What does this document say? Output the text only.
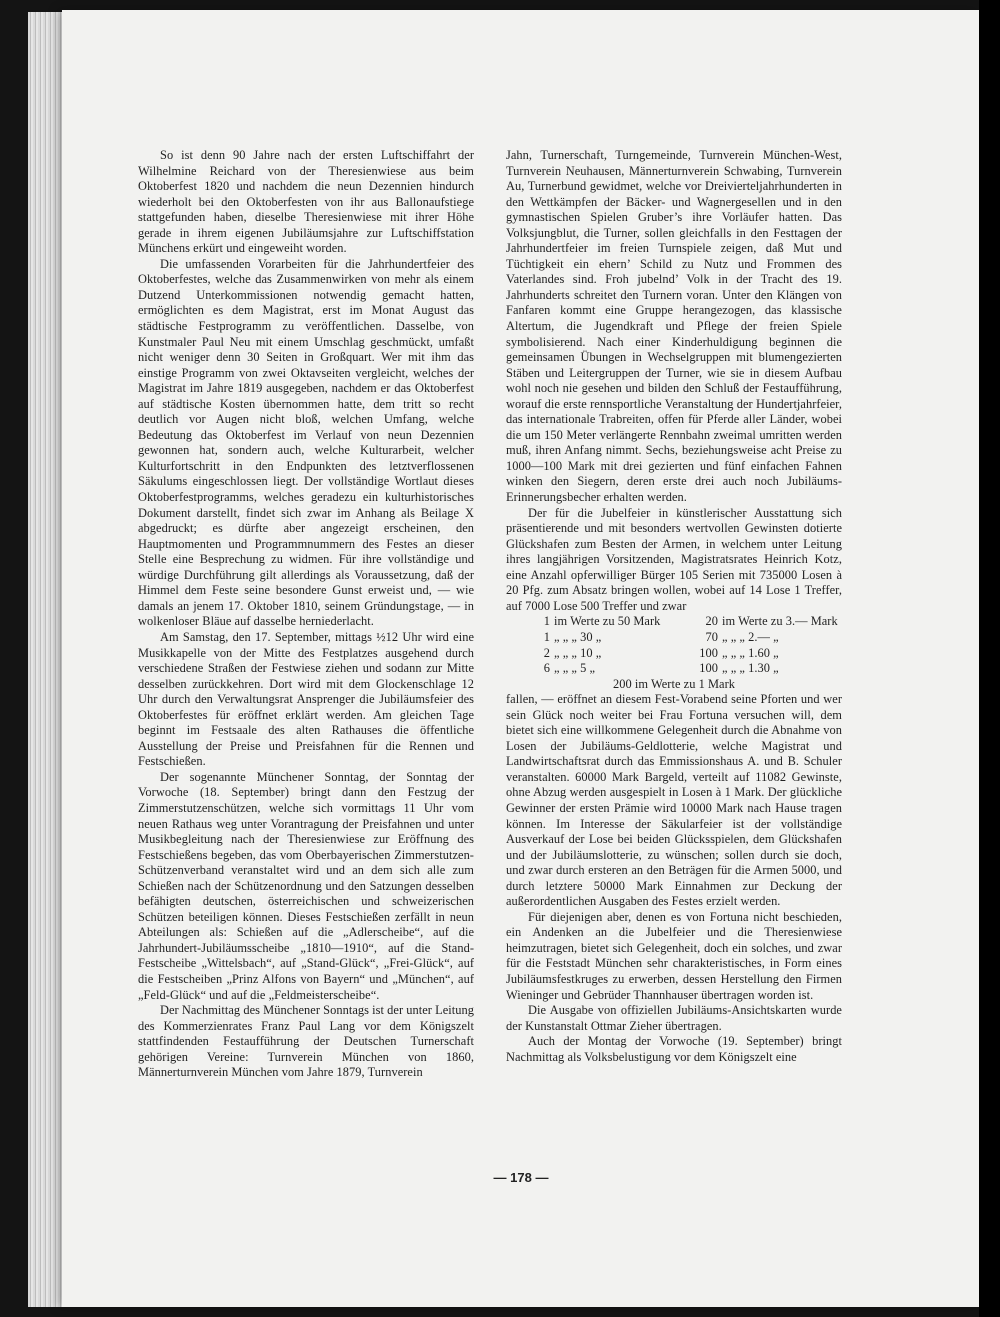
So ist denn 90 Jahre nach der ersten Luftschiffahrt der Wilhelmine Reichard von der Theresienwiese aus beim Oktoberfest 1820 und nachdem die neun Dezennien hindurch wiederholt bei den Oktoberfesten von ihr aus Ballonaufstiege stattgefunden haben, dieselbe Theresienwiese mit ihrer Höhe gerade in ihrem eigenen Jubiläumsjahre zur Luftschiffstation Münchens erkürt und eingeweiht worden.

Die umfassenden Vorarbeiten für die Jahrhundertfeier des Oktoberfestes, welche das Zusammenwirken von mehr als einem Dutzend Unterkommissionen notwendig gemacht hatten, ermöglichten es dem Magistrat, erst im Monat August das städtische Festprogramm zu veröffentlichen. Dasselbe, von Kunstmaler Paul Neu mit einem Umschlag geschmückt, umfaßt nicht weniger denn 30 Seiten in Großquart. Wer mit ihm das einstige Programm von zwei Oktavseiten vergleicht, welches der Magistrat im Jahre 1819 ausgegeben, nachdem er das Oktoberfest auf städtische Kosten übernommen hatte, dem tritt so recht deutlich vor Augen nicht bloß, welchen Umfang, welche Bedeutung das Oktoberfest im Verlauf von neun Dezennien gewonnen hat, sondern auch, welche Kulturarbeit, welcher Kulturfortschritt in den Endpunkten des letztverflossenen Säkulums eingeschlossen liegt. Der vollständige Wortlaut dieses Oktoberfestprogramms, welches geradezu ein kulturhistorisches Dokument darstellt, findet sich zwar im Anhang als Beilage X abgedruckt; es dürfte aber angezeigt erscheinen, den Hauptmomenten und Programmnummern des Festes an dieser Stelle eine Besprechung zu widmen. Für ihre vollständige und würdige Durchführung gilt allerdings als Voraussetzung, daß der Himmel dem Feste seine besondere Gunst erweist und, — wie damals an jenem 17. Oktober 1810, seinem Gründungstage, — in wolkenloser Bläue auf dasselbe herniederlacht.

Am Samstag, den 17. September, mittags ½12 Uhr wird eine Musikkapelle von der Mitte des Festplatzes ausgehend durch verschiedene Straßen der Festwiese ziehen und sodann zur Mitte desselben zurückkehren. Dort wird mit dem Glockenschlage 12 Uhr durch den Verwaltungsrat Ansprenger die Jubiläumsfeier des Oktoberfestes für eröffnet erklärt werden. Am gleichen Tage beginnt im Festsaale des alten Rathauses die öffentliche Ausstellung der Preise und Preisfahnen für die Rennen und Festschießen.

Der sogenannte Münchener Sonntag, der Sonntag der Vorwoche (18. September) bringt dann den Festzug der Zimmerstutzenschützen, welche sich vormittags 11 Uhr vom neuen Rathaus weg unter Vorantragung der Preisfahnen und unter Musikbegleitung nach der Theresienwiese zur Eröffnung des Festschießens begeben, das vom Oberbayerischen Zimmerstutzen-Schützenverband veranstaltet wird und an dem sich alle zum Schießen nach der Schützenordnung und den Satzungen desselben befähigten deutschen, österreichischen und schweizerischen Schützen beteiligen können. Dieses Festschießen zerfällt in neun Abteilungen als: Schießen auf die „Adlerscheibe“, auf die Jahrhundert-Jubiläumsscheibe „1810—1910“, auf die Stand-Festscheibe „Wittelsbach“, auf „Stand-Glück“, „Frei-Glück“, auf die Festscheiben „Prinz Alfons von Bayern“ und „München“, auf „Feld-Glück“ und auf die „Feldmeisterscheibe“.

Der Nachmittag des Münchener Sonntags ist der unter Leitung des Kommerzienrates Franz Paul Lang vor dem Königszelt stattfindenden Festaufführung der Deutschen Turnerschaft gehörigen Vereine: Turnverein München von 1860, Männerturnverein München vom Jahre 1879, Turnverein

Jahn, Turnerschaft, Turngemeinde, Turnverein München-West, Turnverein Neuhausen, Männerturnverein Schwabing, Turnverein Au, Turnerbund gewidmet, welche vor Dreivierteljahrhunderten in den Wettkämpfen der Bäcker- und Wagnergesellen und in den gymnastischen Spielen Gruber’s ihre Vorläufer hatten. Das Volksjungblut, die Turner, sollen gleichfalls in den Festtagen der Jahrhundertfeier im freien Turnspiele zeigen, daß Mut und Tüchtigkeit ein ehern’ Schild zu Nutz und Frommen des Vaterlandes sind. Froh jubelnd’ Volk in der Tracht des 19. Jahrhunderts schreitet den Turnern voran. Unter den Klängen von Fanfaren kommt eine Gruppe herangezogen, das klassische Altertum, die Jugendkraft und Pflege der freien Spiele symbolisierend. Nach einer Kinderhuldigung beginnen die gemeinsamen Übungen in Wechselgruppen mit blumengezierten Stäben und Leitergruppen der Turner, wie sie in diesem Aufbau wohl noch nie gesehen und bilden den Schluß der Festaufführung, worauf die erste rennsportliche Veranstaltung der Hundertjahrfeier, das internationale Trabreiten, offen für Pferde aller Länder, wobei die um 150 Meter verlängerte Rennbahn zweimal umritten werden muß, ihren Anfang nimmt. Sechs, beziehungsweise acht Preise zu 1000—100 Mark mit drei gezierten und fünf einfachen Fahnen winken den Siegern, deren erste drei auch noch Jubiläums-Erinnerungsbecher erhalten werden.

Der für die Jubelfeier in künstlerischer Ausstattung sich präsentierende und mit besonders wertvollen Gewinsten dotierte Glückshafen zum Besten der Armen, in welchem unter Leitung ihres langjährigen Vorsitzenden, Magistratsrates Heinrich Kotz, eine Anzahl opferwilliger Bürger 105 Serien mit 735000 Losen à 20 Pfg. zum Absatz bringen wollen, wobei auf 14 Lose 1 Treffer, auf 7000 Lose 500 Treffer und zwar

1	im Werte zu 50 Mark	20	im Werte zu 3.— Mark
1	„ „ „ 30 „	70	„ „ „ 2.— „
2	„ „ „ 10 „	100	„ „ „ 1.60 „
6	„ „ „ 5 „	100	„ „ „ 1.30 „
200 im Werte zu 1 Mark

fallen, — eröffnet an diesem Fest-Vorabend seine Pforten und wer sein Glück noch weiter bei Frau Fortuna versuchen will, dem bietet sich eine willkommene Gelegenheit durch die Abnahme von Losen der Jubiläums-Geldlotterie, welche Magistrat und Landwirtschaftsrat durch das Emmissionshaus A. und B. Schuler veranstalten. 60000 Mark Bargeld, verteilt auf 11082 Gewinste, ohne Abzug werden ausgespielt in Losen à 1 Mark. Der glückliche Gewinner der ersten Prämie wird 10000 Mark nach Hause tragen können. Im Interesse der Säkularfeier ist der vollständige Ausverkauf der Lose bei beiden Glücksspielen, dem Glückshafen und der Jubiläumslotterie, zu wünschen; sollen durch sie doch, und zwar durch ersteren an den Beträgen für die Armen 5000, und durch letztere 50000 Mark Einnahmen zur Deckung der außerordentlichen Ausgaben des Festes erzielt werden.

Für diejenigen aber, denen es von Fortuna nicht beschieden, ein Andenken an die Jubelfeier und die Theresienwiese heimzutragen, bietet sich Gelegenheit, doch ein solches, und zwar für die Feststadt München sehr charakteristisches, in Form eines Jubiläumsfestkruges zu erwerben, dessen Herstellung den Firmen Wieninger und Gebrüder Thannhauser übertragen worden ist.

Die Ausgabe von offiziellen Jubiläums-Ansichtskarten wurde der Kunstanstalt Ottmar Zieher übertragen.

Auch der Montag der Vorwoche (19. September) bringt Nachmittag als Volksbelustigung vor dem Königszelt eine

— 178 —
